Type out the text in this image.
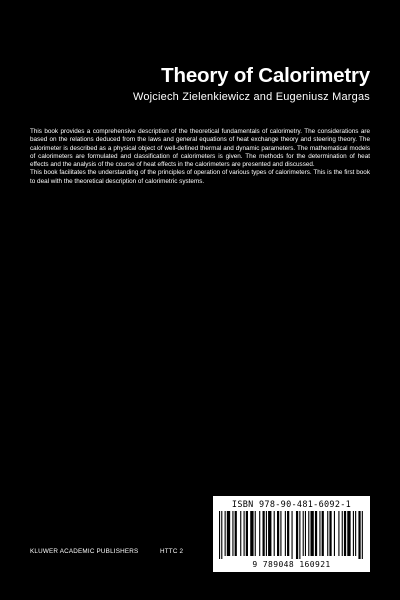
Theory of Calorimetry
Wojciech Zielenkiewicz and Eugeniusz Margas

This book provides a comprehensive description of the theoretical fundamentals of calorimetry. The considerations are based on the relations deduced from the laws and general equations of heat exchange theory and steering theory. The calorimeter is described as a physical object of well-defined thermal and dynamic parameters. The mathematical models of calorimeters are formulated and classification of calorimeters is given. The methods for the determination of heat effects and the analysis of the course of heat effects in the calorimeters are presented and discussed.

This book facilitates the understanding of the principles of operation of various types of calorimeters. This is the first book to deal with the theoretical description of calorimetric systems.

ISBN 978-90-481-6092-1
9 789048 160921
KLUWER ACADEMIC PUBLISHERS	HTTC 2
